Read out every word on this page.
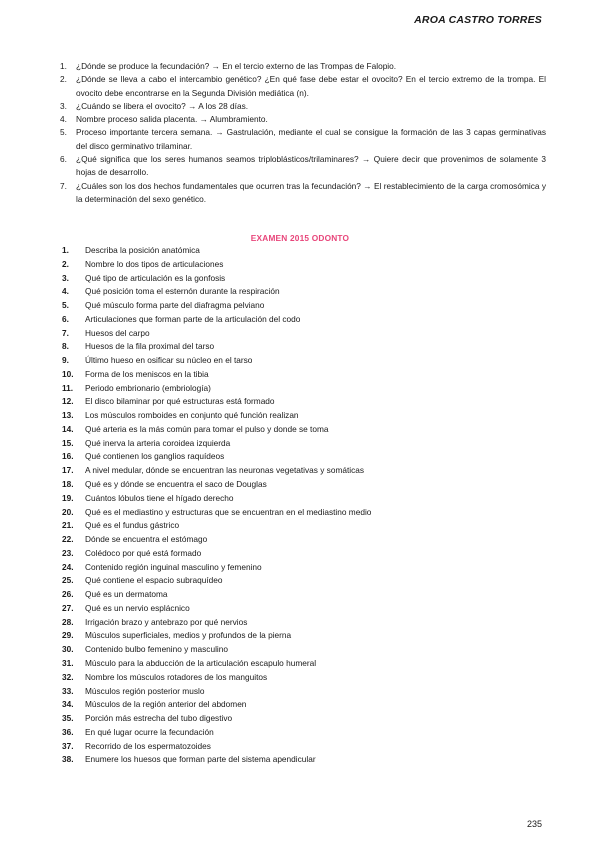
AROA CASTRO TORRES
1. ¿Dónde se produce la fecundación? → En el tercio externo de las Trompas de Falopio.
2. ¿Dónde se lleva a cabo el intercambio genético? ¿En qué fase debe estar el ovocito? En el tercio extremo de la trompa. El ovocito debe encontrarse en la Segunda División mediática (n).
3. ¿Cuándo se libera el ovocito? → A los 28 días.
4. Nombre proceso salida placenta. → Alumbramiento.
5. Proceso importante tercera semana. → Gastrulación, mediante el cual se consigue la formación de las 3 capas germinativas del disco germinativo trilaminar.
6. ¿Qué significa que los seres humanos seamos triploblásticos/trilaminares? → Quiere decir que provenimos de solamente 3 hojas de desarrollo.
7. ¿Cuáles son los dos hechos fundamentales que ocurren tras la fecundación? → El restablecimiento de la carga cromosómica y la determinación del sexo genético.
EXAMEN 2015 ODONTO
1. Describa la posición anatómica
2. Nombre lo dos tipos de articulaciones
3. Qué tipo de articulación es la gonfosis
4. Qué posición toma el esternón durante la respiración
5. Qué músculo forma parte del diafragma pelviano
6. Articulaciones que forman parte de la articulación del codo
7. Huesos del carpo
8. Huesos de la fila proximal del tarso
9. Último hueso en osificar su núcleo en el tarso
10. Forma de los meniscos en la tibia
11. Periodo embrionario (embriología)
12. El disco bilaminar por qué estructuras está formado
13. Los músculos romboides en conjunto qué función realizan
14. Qué arteria es la más común para tomar el pulso y donde se toma
15. Qué inerva la arteria coroidea izquierda
16. Qué contienen los ganglios raquídeos
17. A nivel medular, dónde se encuentran las neuronas vegetativas y somáticas
18. Qué es y dónde se encuentra el saco de Douglas
19. Cuántos lóbulos tiene el hígado derecho
20. Qué es el mediastino y estructuras que se encuentran en el mediastino medio
21. Qué es el fundus gástrico
22. Dónde se encuentra el estómago
23. Colédoco por qué está formado
24. Contenido región inguinal masculino y femenino
25. Qué contiene el espacio subraquídeo
26. Qué es un dermatoma
27. Qué es un nervio esplácnico
28. Irrigación brazo y antebrazo por qué nervios
29. Músculos superficiales, medios y profundos de la pierna
30. Contenido bulbo femenino y masculino
31. Músculo para la abducción de la articulación escapulo humeral
32. Nombre los músculos rotadores de los manguitos
33. Músculos región posterior muslo
34. Músculos de la región anterior del abdomen
35. Porción más estrecha del tubo digestivo
36. En qué lugar ocurre la fecundación
37. Recorrido de los espermatozoides
38. Enumere los huesos que forman parte del sistema apendicular
235
